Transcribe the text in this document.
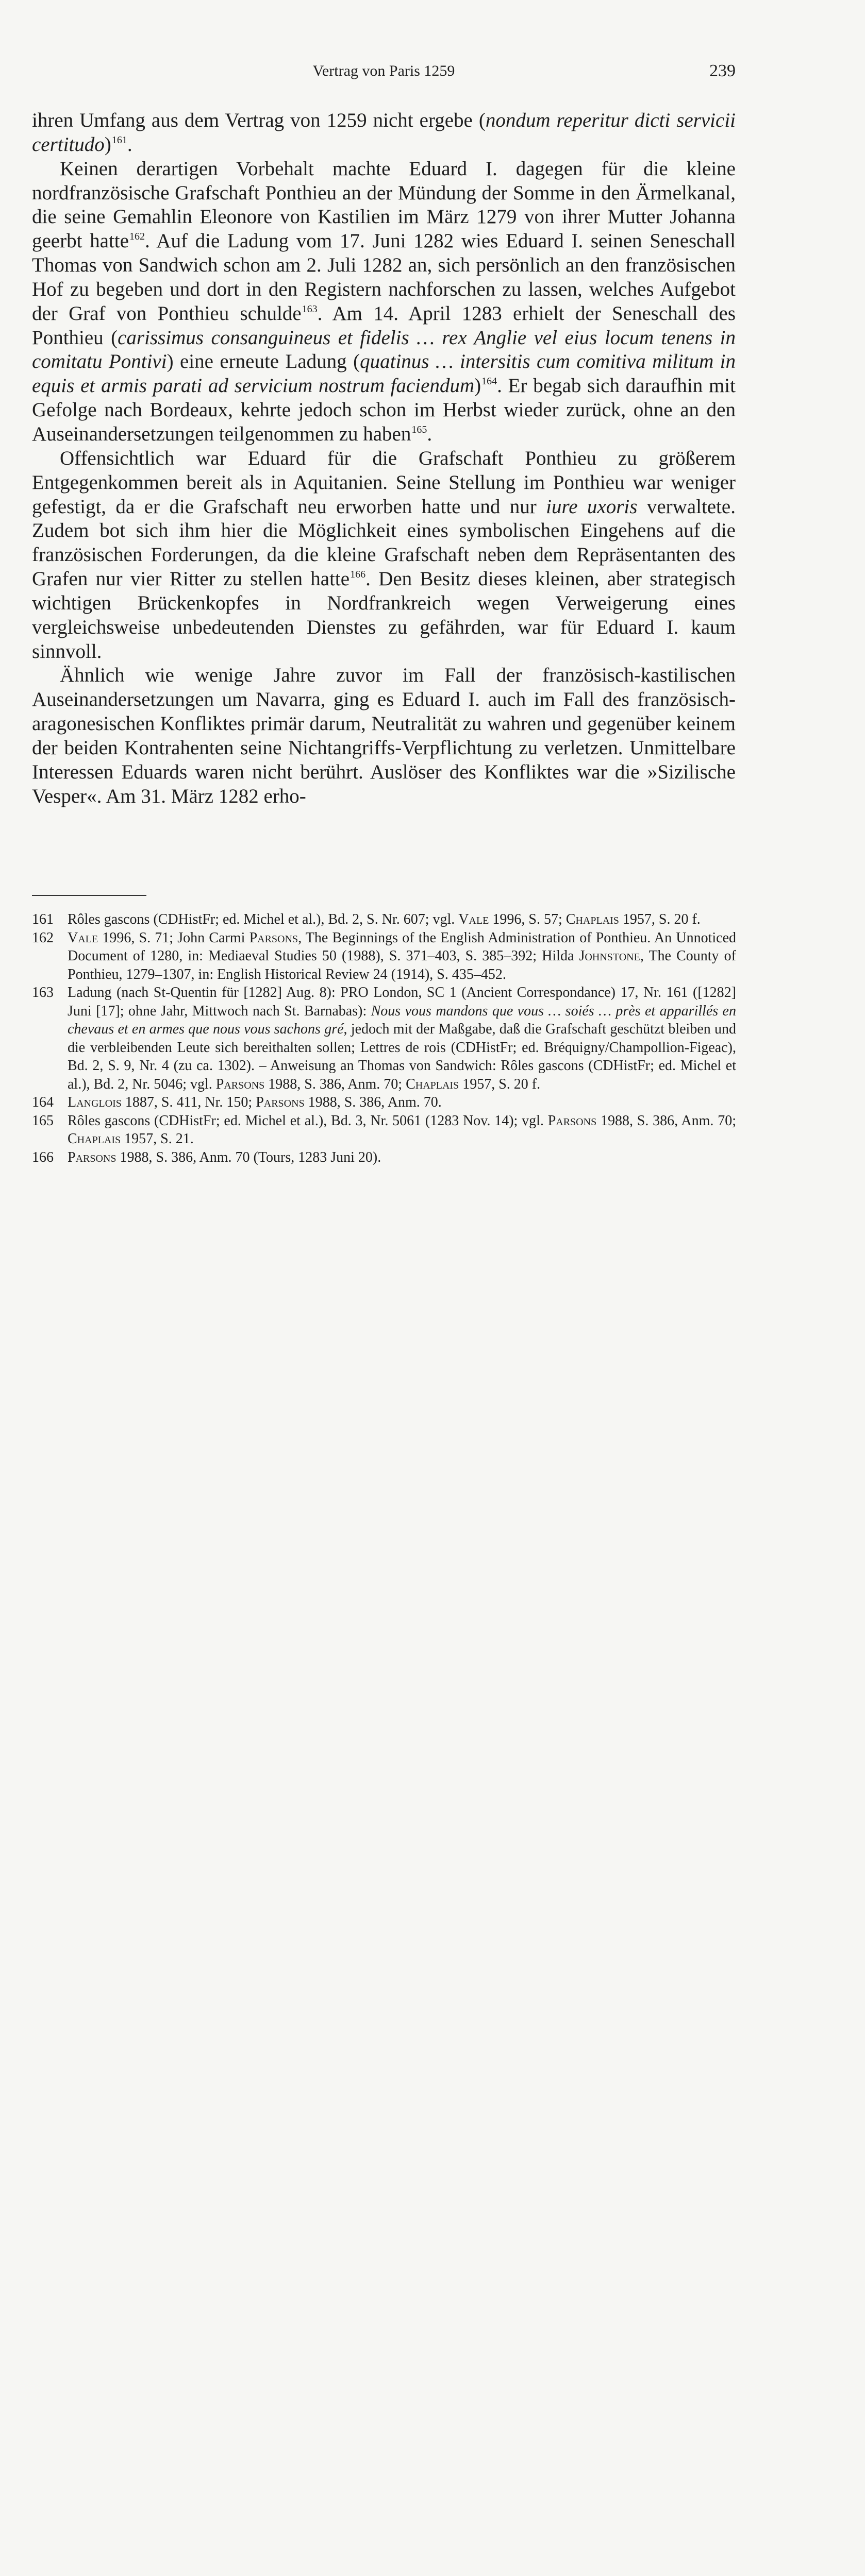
Vertrag von Paris 1259	239

ihren Umfang aus dem Vertrag von 1259 nicht ergebe (nondum reperitur dicti servicii certitudo)$^{161}$.

Keinen derartigen Vorbehalt machte Eduard I. dagegen für die kleine nordfranzösische Grafschaft Ponthieu an der Mündung der Somme in den Ärmelkanal, die seine Gemahlin Eleonore von Kastilien im März 1279 von ihrer Mutter Johanna geerbt hatte$^{162}$. Auf die Ladung vom 17. Juni 1282 wies Eduard I. seinen Seneschall Thomas von Sandwich schon am 2. Juli 1282 an, sich persönlich an den französischen Hof zu begeben und dort in den Registern nachforschen zu lassen, welches Aufgebot der Graf von Ponthieu schulde$^{163}$. Am 14. April 1283 erhielt der Seneschall des Ponthieu (carissimus consanguineus et fidelis … rex Anglie vel eius locum tenens in comitatu Pontivi) eine erneute Ladung (quatinus … intersitis cum comitiva militum in equis et armis parati ad servicium nostrum faciendum)$^{164}$. Er begab sich daraufhin mit Gefolge nach Bordeaux, kehrte jedoch schon im Herbst wieder zurück, ohne an den Auseinandersetzungen teilgenommen zu haben$^{165}$.

Offensichtlich war Eduard für die Grafschaft Ponthieu zu größerem Entgegenkommen bereit als in Aquitanien. Seine Stellung im Ponthieu war weniger gefestigt, da er die Grafschaft neu erworben hatte und nur iure uxoris verwaltete. Zudem bot sich ihm hier die Möglichkeit eines symbolischen Eingehens auf die französischen Forderungen, da die kleine Grafschaft neben dem Repräsentanten des Grafen nur vier Ritter zu stellen hatte$^{166}$. Den Besitz dieses kleinen, aber strategisch wichtigen Brückenkopfes in Nordfrankreich wegen Verweigerung eines vergleichsweise unbedeutenden Dienstes zu gefährden, war für Eduard I. kaum sinnvoll.

Ähnlich wie wenige Jahre zuvor im Fall der französisch-kastilischen Auseinandersetzungen um Navarra, ging es Eduard I. auch im Fall des französisch-aragonesischen Konfliktes primär darum, Neutralität zu wahren und gegenüber keinem der beiden Kontrahenten seine Nichtangriffs-Verpflichtung zu verletzen. Unmittelbare Interessen Eduards waren nicht berührt. Auslöser des Konfliktes war die »Sizilische Vesper«. Am 31. März 1282 erho-

161 Rôles gascons (CDHistFr; ed. Michel et al.), Bd. 2, S. Nr. 607; vgl. Vale 1996, S. 57; Chaplais 1957, S. 20 f.

162 Vale 1996, S. 71; John Carmi Parsons, The Beginnings of the English Administration of Ponthieu. An Unnoticed Document of 1280, in: Mediaeval Studies 50 (1988), S. 371–403, S. 385–392; Hilda Johnstone, The County of Ponthieu, 1279–1307, in: English Historical Review 24 (1914), S. 435–452.

163 Ladung (nach St-Quentin für [1282] Aug. 8): PRO London, SC 1 (Ancient Correspondance) 17, Nr. 161 ([1282] Juni [17]; ohne Jahr, Mittwoch nach St. Barnabas): Nous vous mandons que vous … soiés … près et apparillés en chevaus et en armes que nous vous sachons gré, jedoch mit der Maßgabe, daß die Grafschaft geschützt bleiben und die verbleibenden Leute sich bereithalten sollen; Lettres de rois (CDHistFr; ed. Bréquigny/Champollion-Figeac), Bd. 2, S. 9, Nr. 4 (zu ca. 1302). – Anweisung an Thomas von Sandwich: Rôles gascons (CDHistFr; ed. Michel et al.), Bd. 2, Nr. 5046; vgl. Parsons 1988, S. 386, Anm. 70; Chaplais 1957, S. 20 f.

164 Langlois 1887, S. 411, Nr. 150; Parsons 1988, S. 386, Anm. 70.

165 Rôles gascons (CDHistFr; ed. Michel et al.), Bd. 3, Nr. 5061 (1283 Nov. 14); vgl. Parsons 1988, S. 386, Anm. 70; Chaplais 1957, S. 21.

166 Parsons 1988, S. 386, Anm. 70 (Tours, 1283 Juni 20).
